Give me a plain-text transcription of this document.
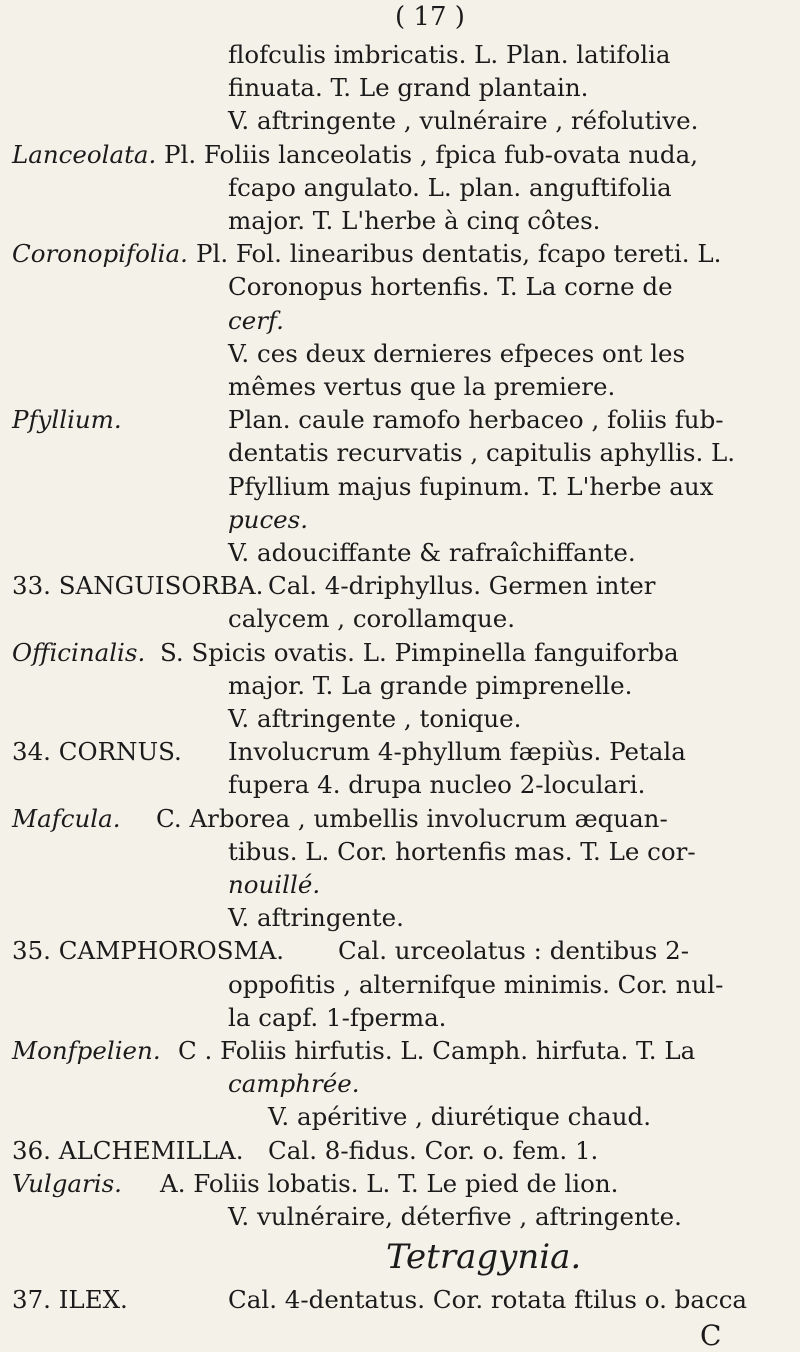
( 17 )
flofculis imbricatis. L. Plan. latifolia
finuata. T. Le grand plantain.
V. aftringente , vulnéraire , réfolutive.
Lanceolata. Pl. Foliis lanceolatis , fpica fub-ovata nuda,
fcapo angulato. L. plan. anguftifolia
major. T. L'herbe à cinq côtes.
Coronopifolia. Pl. Fol. linearibus dentatis, fcapo tereti. L.
Coronopus hortenfis. T. La corne de
cerf.
V. ces deux dernieres efpeces ont les
mêmes vertus que la premiere.
Pfyllium.	Plan. caule ramofo herbaceo , foliis fub-
dentatis recurvatis , capitulis aphyllis. L.
Pfyllium majus fupinum. T. L'herbe aux
puces.
V. adouciffante & rafraîchiffante.
33. SANGUISORBA. Cal. 4-driphyllus. Germen inter
calycem , corollamque.
Officinalis. S. Spicis ovatis. L. Pimpinella fanguiforba
major. T. La grande pimprenelle.
V. aftringente , tonique.
34. CORNUS. Involucrum 4-phyllum fæpiùs. Petala
fupera 4. drupa nucleo 2-loculari.
Mafcula. C. Arborea , umbellis involucrum æquan-
tibus. L. Cor. hortenfis mas. T. Le cor-
nouillé.
V. aftringente.
35. CAMPHOROSMA. Cal. urceolatus : dentibus 2-
oppofitis , alternifque minimis. Cor. nul-
la capf. 1-fperma.
Monfpelien. C . Foliis hirfutis. L. Camph. hirfuta. T. La
camphrée.
V. apéritive , diurétique chaud.
36. ALCHEMILLA. Cal. 8-fidus. Cor. o. fem. 1.
Vulgaris. A. Foliis lobatis. L. T. Le pied de lion.
V. vulnéraire, déterfive , aftringente.
Tetragynia.
37. ILEX.	Cal. 4-dentatus. Cor. rotata ftilus o. bacca
C
